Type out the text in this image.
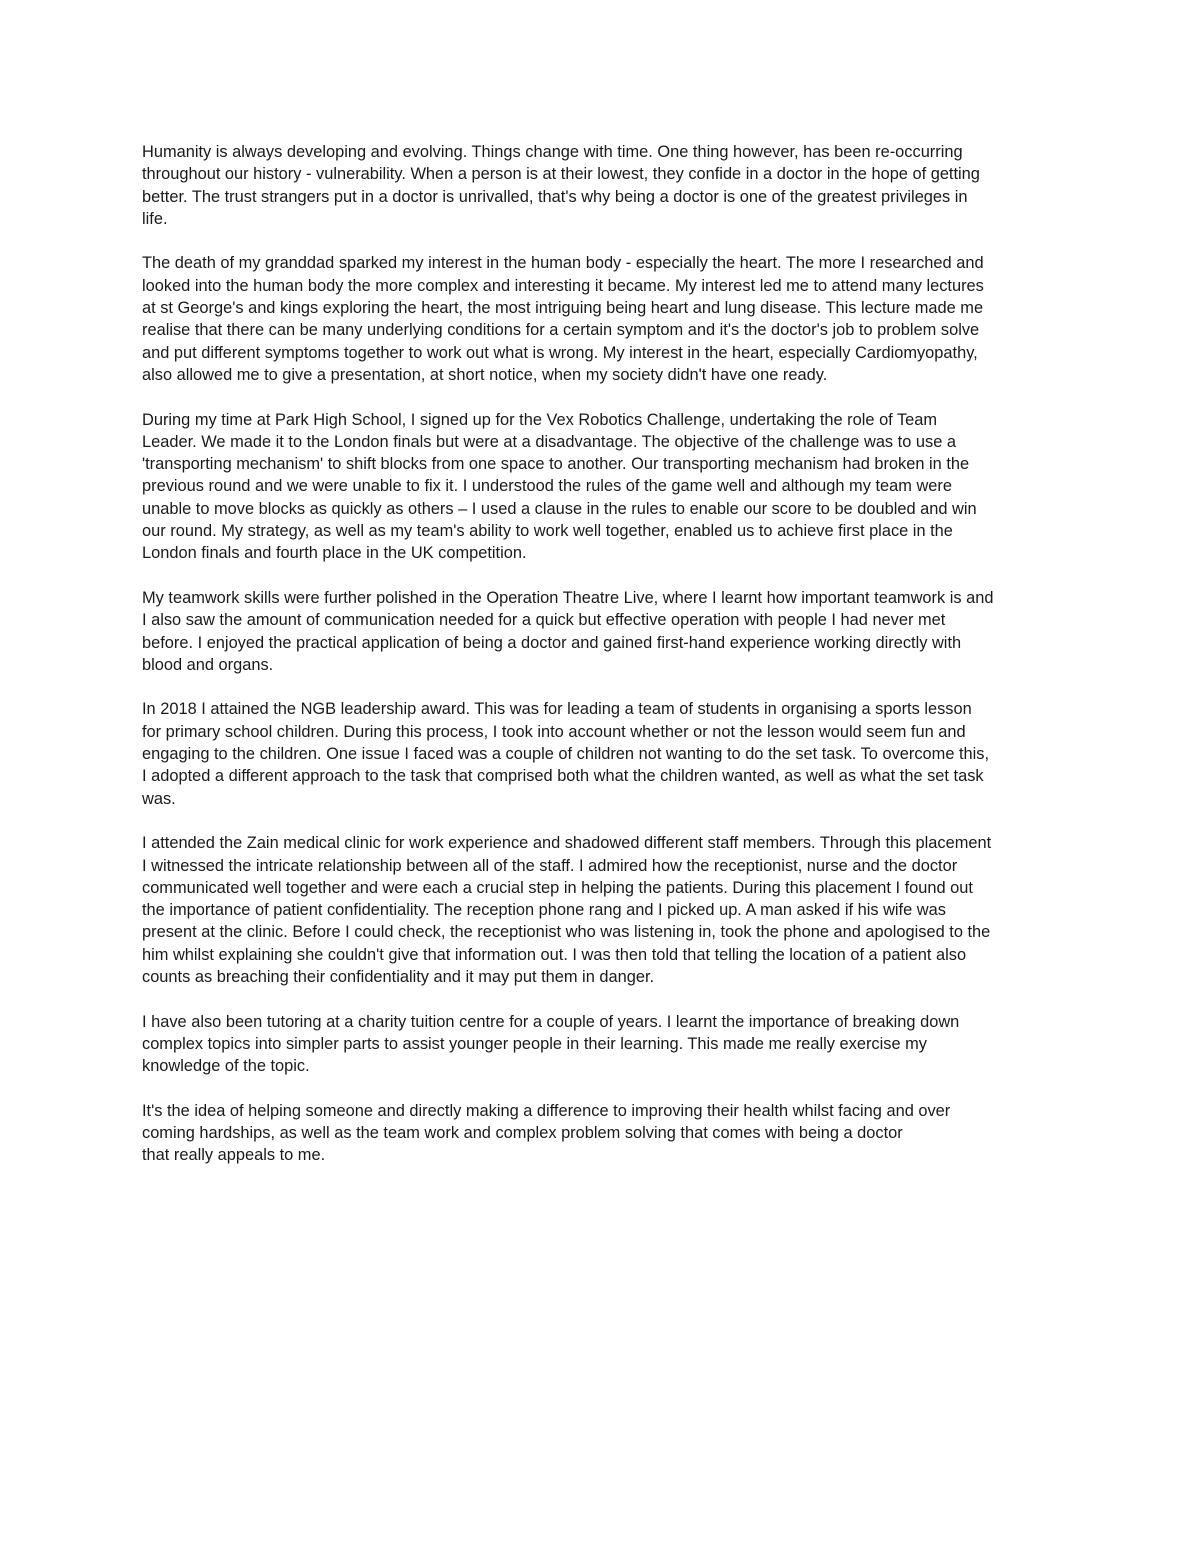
Humanity is always developing and evolving. Things change with time. One thing however, has been re-occurring
throughout our history - vulnerability. When a person is at their lowest, they confide in a doctor in the hope of getting
better. The trust strangers put in a doctor is unrivalled, that's why being a doctor is one of the greatest privileges in
life.

The death of my granddad sparked my interest in the human body - especially the heart. The more I researched and
looked into the human body the more complex and interesting it became. My interest led me to attend many lectures
at st George's and kings exploring the heart, the most intriguing being heart and lung disease. This lecture made me
realise that there can be many underlying conditions for a certain symptom and it's the doctor's job to problem solve
and put different symptoms together to work out what is wrong. My interest in the heart, especially Cardiomyopathy,
also allowed me to give a presentation, at short notice, when my society didn't have one ready.

During my time at Park High School, I signed up for the Vex Robotics Challenge, undertaking the role of Team
Leader. We made it to the London finals but were at a disadvantage. The objective of the challenge was to use a
'transporting mechanism' to shift blocks from one space to another. Our transporting mechanism had broken in the
previous round and we were unable to fix it. I understood the rules of the game well and although my team were
unable to move blocks as quickly as others – I used a clause in the rules to enable our score to be doubled and win
our round. My strategy, as well as my team's ability to work well together, enabled us to achieve first place in the
London finals and fourth place in the UK competition.

My teamwork skills were further polished in the Operation Theatre Live, where I learnt how important teamwork is and
I also saw the amount of communication needed for a quick but effective operation with people I had never met
before. I enjoyed the practical application of being a doctor and gained first-hand experience working directly with
blood and organs.

In 2018 I attained the NGB leadership award. This was for leading a team of students in organising a sports lesson
for primary school children. During this process, I took into account whether or not the lesson would seem fun and
engaging to the children. One issue I faced was a couple of children not wanting to do the set task. To overcome this,
I adopted a different approach to the task that comprised both what the children wanted, as well as what the set task
was.

I attended the Zain medical clinic for work experience and shadowed different staff members. Through this placement
I witnessed the intricate relationship between all of the staff. I admired how the receptionist, nurse and the doctor
communicated well together and were each a crucial step in helping the patients. During this placement I found out
the importance of patient confidentiality. The reception phone rang and I picked up. A man asked if his wife was
present at the clinic. Before I could check, the receptionist who was listening in, took the phone and apologised to the
him whilst explaining she couldn't give that information out. I was then told that telling the location of a patient also
counts as breaching their confidentiality and it may put them in danger.

I have also been tutoring at a charity tuition centre for a couple of years. I learnt the importance of breaking down
complex topics into simpler parts to assist younger people in their learning. This made me really exercise my
knowledge of the topic.

It's the idea of helping someone and directly making a difference to improving their health whilst facing and over
coming hardships, as well as the team work and complex problem solving that comes with being a doctor
that really appeals to me.
